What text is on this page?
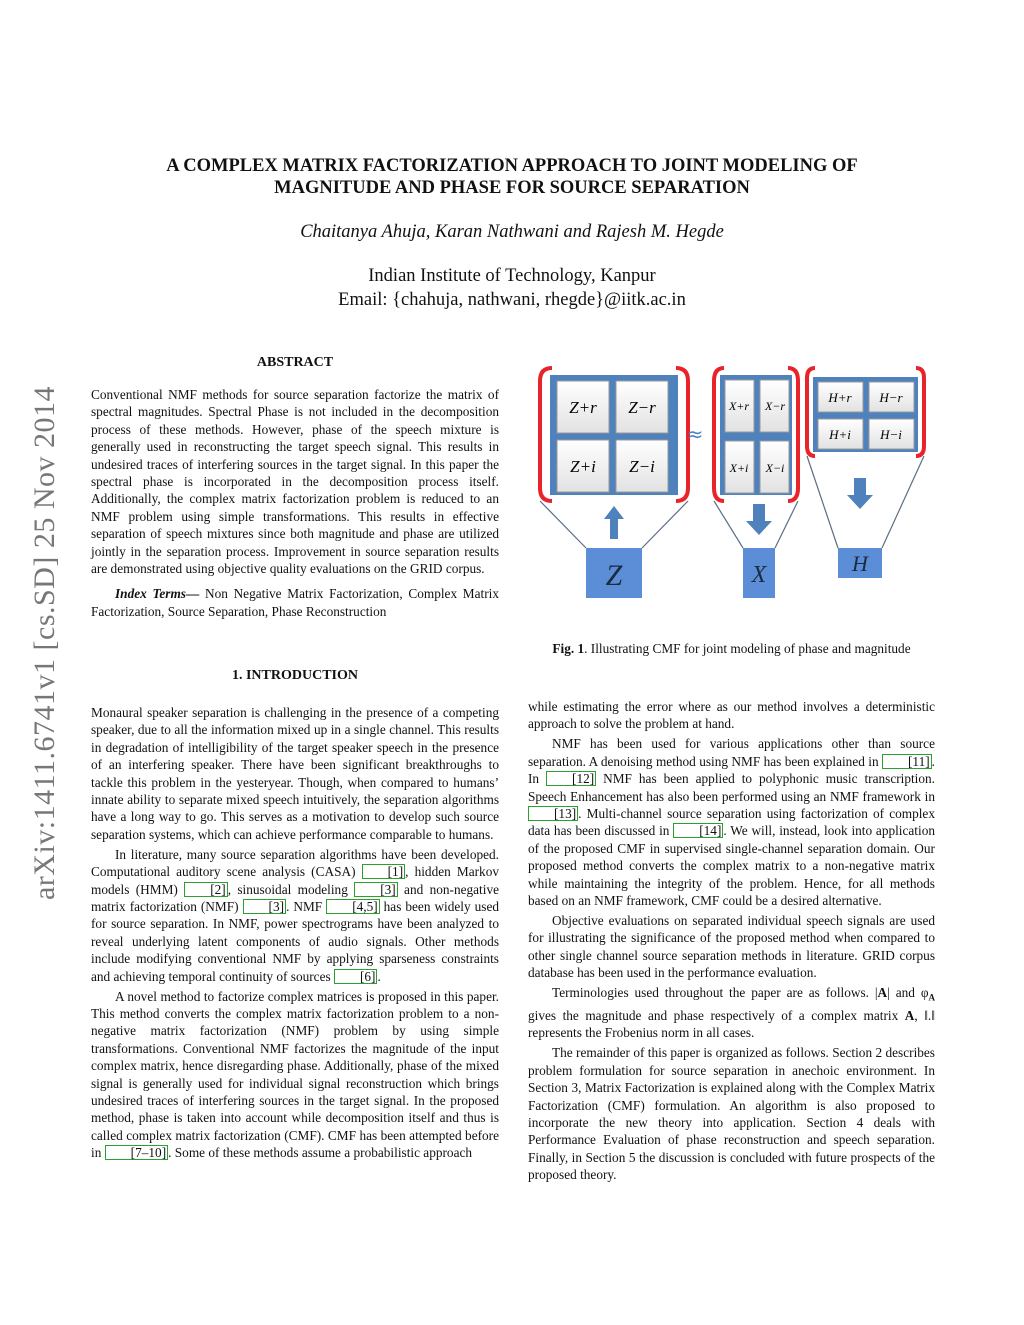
arXiv:1411.6741v1 [cs.SD] 25 Nov 2014
A COMPLEX MATRIX FACTORIZATION APPROACH TO JOINT MODELING OF MAGNITUDE AND PHASE FOR SOURCE SEPARATION
Chaitanya Ahuja, Karan Nathwani and Rajesh M. Hegde
Indian Institute of Technology, Kanpur
Email: {chahuja, nathwani, rhegde}@iitk.ac.in
ABSTRACT

Conventional NMF methods for source separation factorize the matrix of spectral magnitudes. Spectral Phase is not included in the decomposition process of these methods. However, phase of the speech mixture is generally used in reconstructing the target speech signal. This results in undesired traces of interfering sources in the target signal. In this paper the spectral phase is incorporated in the decomposition process itself. Additionally, the complex matrix factorization problem is reduced to an NMF problem using simple transformations. This results in effective separation of speech mixtures since both magnitude and phase are utilized jointly in the separation process. Improvement in source separation results are demonstrated using objective quality evaluations on the GRID corpus.

Index Terms— Non Negative Matrix Factorization, Complex Matrix Factorization, Source Separation, Phase Reconstruction

1. INTRODUCTION

Monaural speaker separation is challenging in the presence of a competing speaker, due to all the information mixed up in a single channel. This results in degradation of intelligibility of the target speaker speech in the presence of an interfering speaker. There have been significant breakthroughs to tackle this problem in the yesteryear. Though, when compared to humans’ innate ability to separate mixed speech intuitively, the separation algorithms have a long way to go. This serves as a motivation to develop such source separation systems, which can achieve performance comparable to humans.

In literature, many source separation algorithms have been developed. Computational auditory scene analysis (CASA) [1] , hidden Markov models (HMM) [2] , sinusoidal modeling [3] and non-negative matrix factorization (NMF) [3] . NMF [4,5] has been widely used for source separation. In NMF, power spectrograms have been analyzed to reveal underlying latent components of audio signals. Other methods include modifying conventional NMF by applying sparseness constraints and achieving temporal continuity of sources [6] .

A novel method to factorize complex matrices is proposed in this paper. This method converts the complex matrix factorization problem to a non-negative matrix factorization (NMF) problem by using simple transformations. Conventional NMF factorizes the magnitude of the input complex matrix, hence disregarding phase. Additionally, phase of the mixed signal is generally used for individual signal reconstruction which brings undesired traces of interfering sources in the target signal. In the proposed method, phase is taken into account while decomposition itself and thus is called complex matrix factorization (CMF). CMF has been attempted before in [7–10] . Some of these methods assume a probabilistic approach

Z+r Z−r
Z+i Z−i
≈
X+r X−r
X+i X−i
H+r H−r
H+i H−i
Z	X	H
Fig. 1. Illustrating CMF for joint modeling of phase and magnitude

while estimating the error where as our method involves a deterministic approach to solve the problem at hand.

NMF has been used for various applications other than source separation. A denoising method using NMF has been explained in [11] . In [12] NMF has been applied to polyphonic music transcription. Speech Enhancement has also been performed using an NMF framework in [13] . Multi-channel source separation using factorization of complex data has been discussed in [14] . We will, instead, look into application of the proposed CMF in supervised single-channel separation domain. Our proposed method converts the complex matrix to a non-negative matrix while maintaining the integrity of the problem. Hence, for all methods based on an NMF framework, CMF could be a desired alternative.

Objective evaluations on separated individual speech signals are used for illustrating the significance of the proposed method when compared to other single channel source separation methods in literature. GRID corpus database has been used in the performance evaluation.

Terminologies used throughout the paper are as follows. |A| and $\varphi_A$ gives the magnitude and phase respectively of a complex matrix A, ‖.‖ represents the Frobenius norm in all cases.

The remainder of this paper is organized as follows. Section 2 describes problem formulation for source separation in anechoic environment. In Section 3, Matrix Factorization is explained along with the Complex Matrix Factorization (CMF) formulation. An algorithm is also proposed to incorporate the new theory into application. Section 4 deals with Performance Evaluation of phase reconstruction and speech separation. Finally, in Section 5 the discussion is concluded with future prospects of the proposed theory.
